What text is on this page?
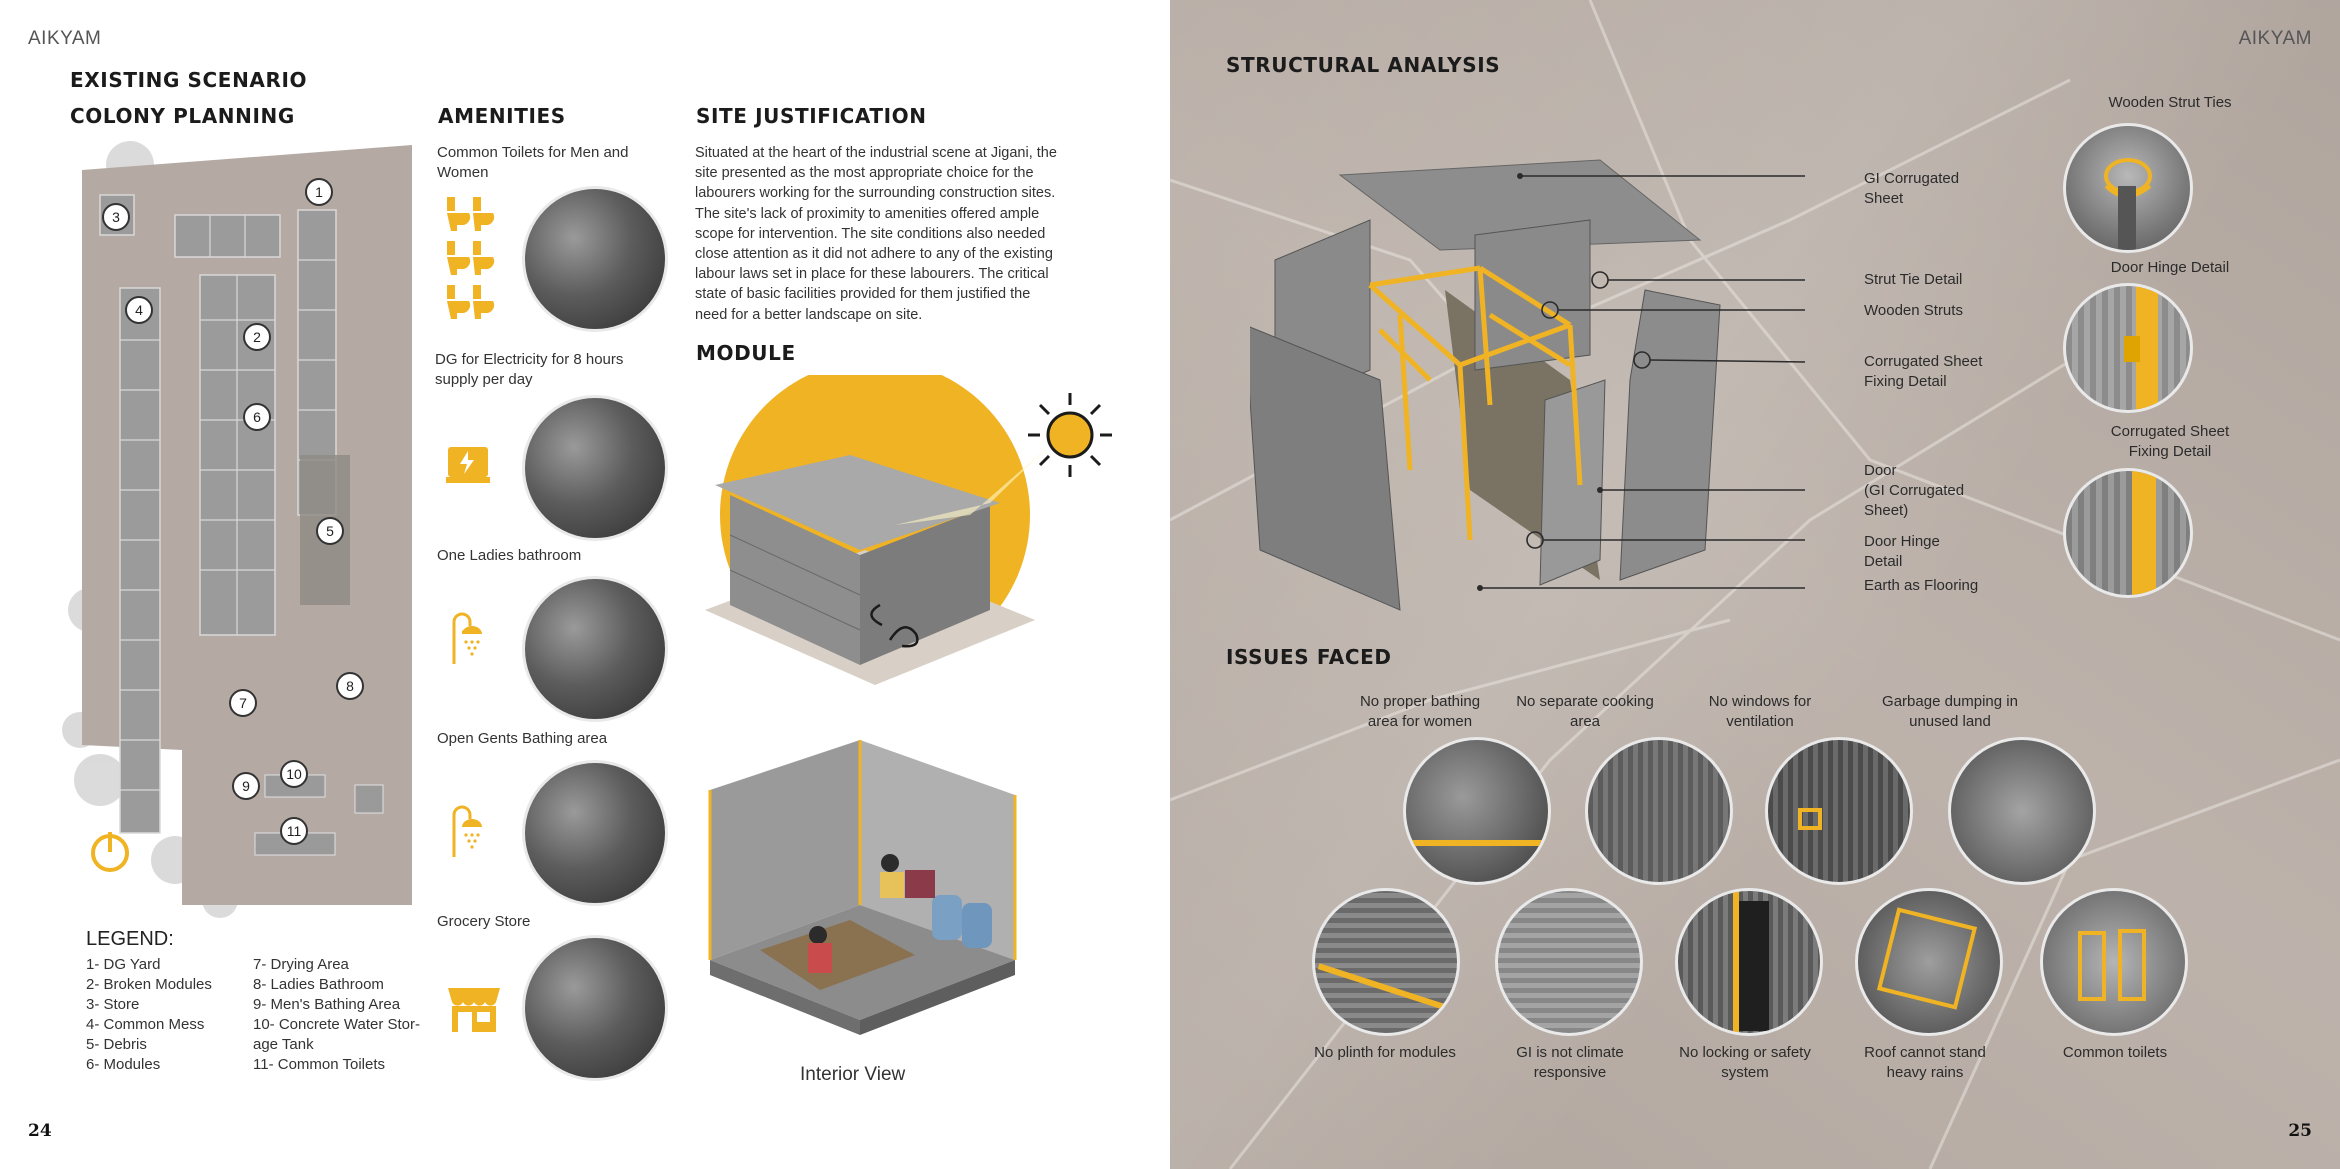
AIKYAM
EXISTING SCENARIO
COLONY PLANNING	AMENITIES	SITE JUSTIFICATION
MODULE
1
2
3
4
5
6
7
8
9
10
11
LEGEND:
1- DG Yard
2- Broken Modules
3- Store
4- Common Mess
5- Debris
6- Modules
7- Drying Area
8- Ladies Bathroom
9- Men's Bathing Area
10- Concrete Water Stor-
age Tank
11- Common Toilets
Common Toilets for Men and
Women
DG for Electricity for 8 hours
supply per day
One Ladies bathroom
Open Gents Bathing area
Grocery Store
Situated at the heart of the industrial scene at Jigani, the
site presented as the most appropriate choice for the
labourers working for the surrounding construction sites.
The site's lack of proximity to amenities offered ample
scope for intervention. The site conditions also needed
close attention as it did not adhere to any of the existing
labour laws set in place for these labourers. The critical
state of basic facilities provided for them justified the
need for a better landscape on site.
Interior View
24
AIKYAM
STRUCTURAL ANALYSIS
ISSUES FACED
GI Corrugated
Sheet
Strut Tie Detail
Wooden Struts
Corrugated Sheet
Fixing Detail
Door
(GI Corrugated
Sheet)
Door Hinge
Detail
Earth as Flooring
Wooden Strut Ties
Door Hinge Detail
Corrugated Sheet
Fixing Detail
No proper bathing
area for women
No separate cooking
area
No windows for
ventilation
Garbage dumping in
unused land
No plinth for modules	GI is not climate
responsive
No locking or safety
system
Roof cannot stand
heavy rains
Common toilets
25
